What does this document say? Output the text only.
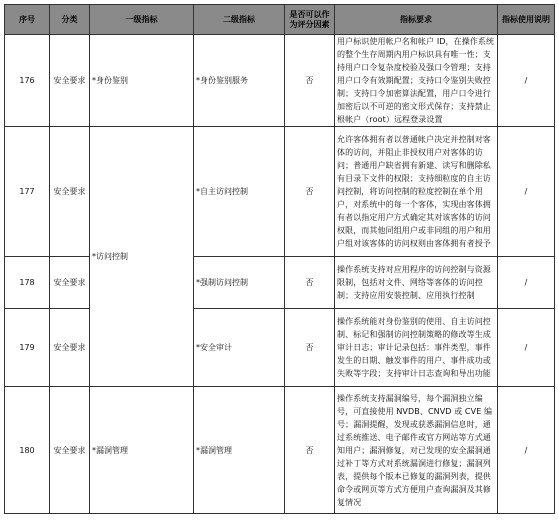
序号	分类	一级指标	二级指标	是否可以作为评分因素	指标要求	指标使用说明
176	安全要求	*身份鉴别	*身份鉴别服务	否	用户标识使用帐户名和帐户 ID，在操作系统的整个生存周期内用户标识具有唯一性；支持用户口令复杂度校验及强口令管理；支持用户口令有效期配置；支持口令鉴别失败控制；支持口令加密算法配置，用户口令进行加密后以不可逆的密文形式保存；支持禁止根帐户（root）远程登录设置	/
177	安全要求	*访问控制	*自主访问控制	否	允许客体拥有者以普通帐户决定并控制对客体的访问，并阻止非授权用户对客体的访问；普通用户缺省拥有新建、读写和删除私有目录下文件的权限；支持细粒度的自主访问控制，将访问控制的粒度控制在单个用户，对系统中的每一个客体，实现由客体拥有者以指定用户方式确定其对该客体的访问权限，而其他同组用户或非同组的用户和用户组对该客体的访问权则由客体拥有者授予	/
178	安全要求		*强制访问控制	否	操作系统支持对应用程序的访问控制与资源限制，包括对文件、网络等客体的访问控制；支持应用安装控制、应用执行控制	/
179	安全要求		*安全审计	否	操作系统能对身份鉴别的使用、自主访问控制、标记和强制访问控制策略的修改等生成审计日志；审计记录包括：事件类型，事件发生的日期、触发事件的用户、事件成功或失败等字段；支持审计日志查询和导出功能	/
180	安全要求	*漏洞管理	*漏洞管理	否	操作系统支持漏洞编号，每个漏洞独立编号，可直接使用 NVDB、CNVD 或 CVE 编号；漏洞提醒，发现或获悉漏洞信息时，通过系统推送、电子邮件或官方网站等方式通知用户；漏洞修复，对已发现的安全漏洞通过补丁等方式对系统漏洞进行修复；漏洞列表，提供每个版本已修复的漏洞列表，提供命令或网页等方式方便用户查询漏洞及其修复情况	/
